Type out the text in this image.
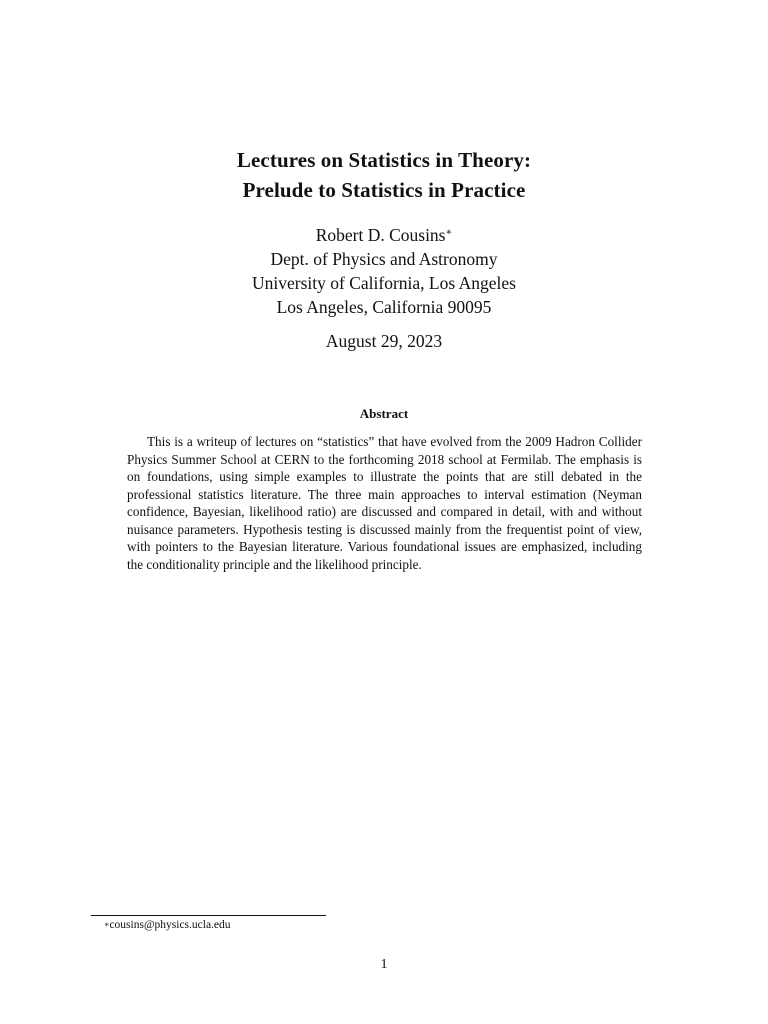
Lectures on Statistics in Theory:
Prelude to Statistics in Practice
Robert D. Cousins∗
Dept. of Physics and Astronomy
University of California, Los Angeles
Los Angeles, California 90095
August 29, 2023
Abstract
This is a writeup of lectures on “statistics” that have evolved from the 2009 Hadron Collider Physics Summer School at CERN to the forthcoming 2018 school at Fermilab. The emphasis is on foundations, using simple examples to illustrate the points that are still debated in the professional statistics literature. The three main approaches to interval estimation (Neyman confidence, Bayesian, likelihood ratio) are discussed and compared in detail, with and without nuisance parameters. Hypothesis testing is discussed mainly from the frequentist point of view, with pointers to the Bayesian literature. Various foundational issues are emphasized, including the conditionality principle and the likelihood principle.
∗cousins@physics.ucla.edu
1
